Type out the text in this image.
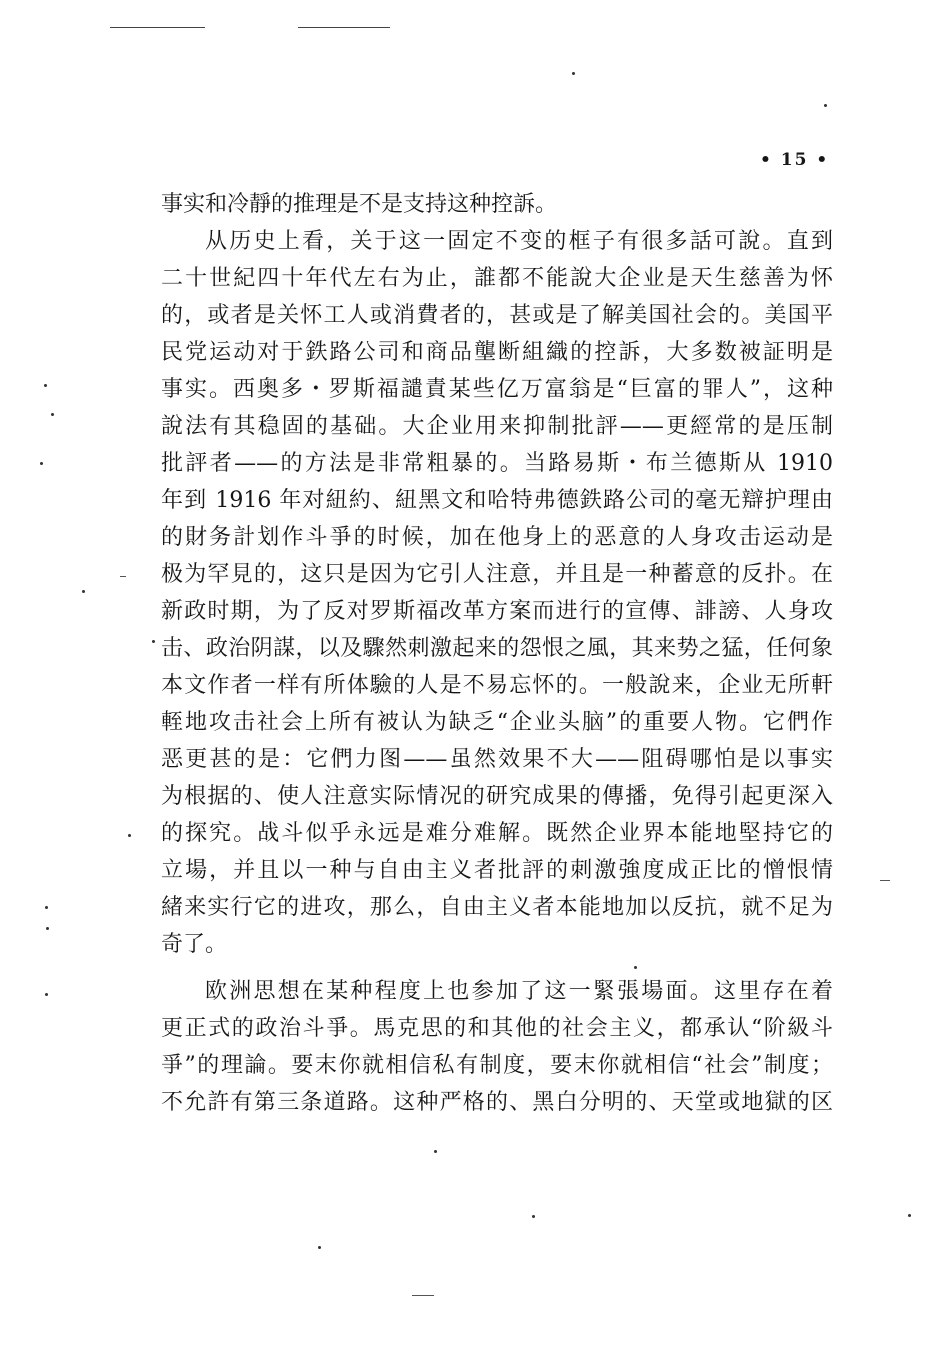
• 15 •
事实和冷靜的推理是不是支持这种控訴。
从历史上看，关于这一固定不变的框子有很多話可說。直到
二十世紀四十年代左右为止，誰都不能說大企业是天生慈善为怀
的，或者是关怀工人或消費者的，甚或是了解美国社会的。美国平
民党运动对于鉄路公司和商品壟断組織的控訴，大多数被証明是
事实。西奥多・罗斯福譴責某些亿万富翁是“巨富的罪人”，这种
說法有其稳固的基础。大企业用来抑制批評——更經常的是压制
批評者——的方法是非常粗暴的。当路易斯・布兰德斯从 1910
年到 1916 年对紐約、紐黑文和哈特弗德鉄路公司的毫无辯护理由
的財务計划作斗爭的时候，加在他身上的恶意的人身攻击运动是
极为罕見的，这只是因为它引人注意，并且是一种蓄意的反扑。在
新政时期，为了反对罗斯福改革方案而进行的宣傳、誹謗、人身攻
击、政治阴謀，以及驟然刺激起来的怨恨之風，其来势之猛，任何象
本文作者一样有所体驗的人是不易忘怀的。一般說来，企业无所軒
輊地攻击社会上所有被认为缺乏“企业头脑”的重要人物。它們作
恶更甚的是：它們力图——虽然效果不大——阻碍哪怕是以事实
为根据的、使人注意实际情况的研究成果的傳播，免得引起更深入
的探究。战斗似乎永远是难分难解。既然企业界本能地堅持它的
立場，并且以一种与自由主义者批評的刺激強度成正比的憎恨情
緒来实行它的进攻，那么，自由主义者本能地加以反抗，就不足为
奇了。
欧洲思想在某种程度上也参加了这一緊張場面。这里存在着
更正式的政治斗爭。馬克思的和其他的社会主义，都承认“阶級斗
爭”的理論。要末你就相信私有制度，要末你就相信“社会”制度；
不允許有第三条道路。这种严格的、黑白分明的、天堂或地獄的区
